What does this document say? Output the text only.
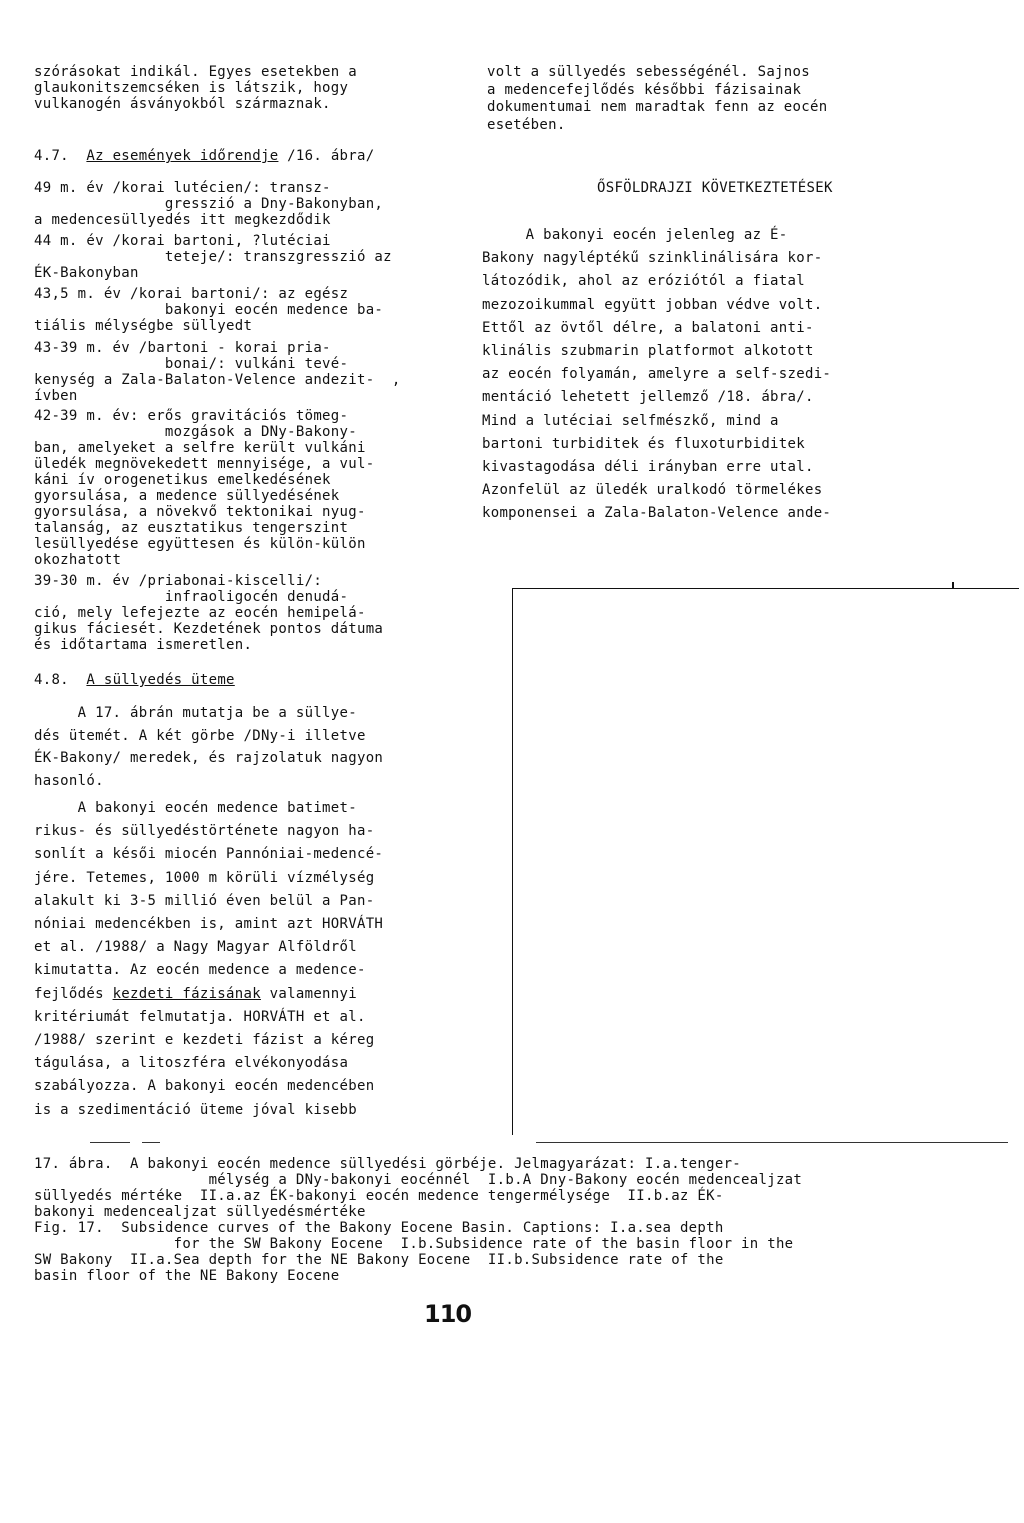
szórásokat indikál. Egyes esetekben a
glaukonitszemcséken is látszik, hogy
vulkanogén ásványokból származnak.
4.7. Az események időrendje /16. ábra/
49 m. év /korai lutécien/: transz-
gresszió a Dny-Bakonyban,
a medencesüllyedés itt megkezdődik
44 m. év /korai bartoni, ?lutéciai
teteje/: transzgresszió az
ÉK-Bakonyban
43,5 m. év /korai bartoni/: az egész
bakonyi eocén medence ba-
tiális mélységbe süllyedt
43-39 m. év /bartoni - korai pria-
bonai/: vulkáni tevé-
kenység a Zala-Balaton-Velence andezit-  ,
ívben
42-39 m. év: erős gravitációs tömeg-
mozgások a DNy-Bakony-
ban, amelyeket a selfre került vulkáni
üledék megnövekedett mennyisége, a vul-
káni ív orogenetikus emelkedésének
gyorsulása, a medence süllyedésének
gyorsulása, a növekvő tektonikai nyug-
talanság, az eusztatikus tengerszint
lesüllyedése együttesen és külön-külön
okozhatott
39-30 m. év /priabonai-kiscelli/:
infraoligocén denudá-
ció, mely lefejezte az eocén hemipelá-
gikus fáciesét. Kezdetének pontos dátuma
és időtartama ismeretlen.
4.8. A süllyedés üteme
A 17. ábrán mutatja be a süllye-
dés ütemét. A két görbe /DNy-i illetve
ÉK-Bakony/ meredek, és rajzolatuk nagyon
hasonló.
A bakonyi eocén medence batimet-
rikus- és süllyedéstörténete nagyon ha-
sonlít a késői miocén Pannóniai-medencé-
jére. Tetemes, 1000 m körüli vízmélység
alakult ki 3-5 millió éven belül a Pan-
nóniai medencékben is, amint azt HORVÁTH
et al. /1988/ a Nagy Magyar Alföldről
kimutatta. Az eocén medence a medence-
fejlődés kezdeti fázisának valamennyi
kritériumát felmutatja. HORVÁTH et al.
/1988/ szerint e kezdeti fázist a kéreg
tágulása, a litoszféra elvékonyodása
szabályozza. A bakonyi eocén medencében
is a szedimentáció üteme jóval kisebb
volt a süllyedés sebességénél. Sajnos
a medencefejlődés későbbi fázisainak
dokumentumai nem maradtak fenn az eocén
esetében.
ŐSFÖLDRAJZI KÖVETKEZTETÉSEK
A bakonyi eocén jelenleg az É-
Bakony nagyléptékű szinklinálisára kor-
látozódik, ahol az eróziótól a fiatal
mezozoikummal együtt jobban védve volt.
Ettől az övtől délre, a balatoni anti-
klinális szubmarin platformot alkotott
az eocén folyamán, amelyre a self-szedi-
mentáció lehetett jellemző /18. ábra/.
Mind a lutéciai selfmészkő, mind a
bartoni turbiditek és fluxoturbiditek
kivastagodása déli irányban erre utal.
Azonfelül az üledék uralkodó törmelékes
komponensei a Zala-Balaton-Velence ande-
17. ábra.  A bakonyi eocén medence süllyedési görbéje. Jelmagyarázat: I.a.tenger-
mélység a DNy-bakonyi eocénnél  I.b.A Dny-Bakony eocén medencealjzat
süllyedés mértéke  II.a.az ÉK-bakonyi eocén medence tengermélysége  II.b.az ÉK-
bakonyi medencealjzat süllyedésmértéke
Fig. 17.  Subsidence curves of the Bakony Eocene Basin. Captions: I.a.sea depth
for the SW Bakony Eocene  I.b.Subsidence rate of the basin floor in the
SW Bakony  II.a.Sea depth for the NE Bakony Eocene  II.b.Subsidence rate of the
basin floor of the NE Bakony Eocene
110
